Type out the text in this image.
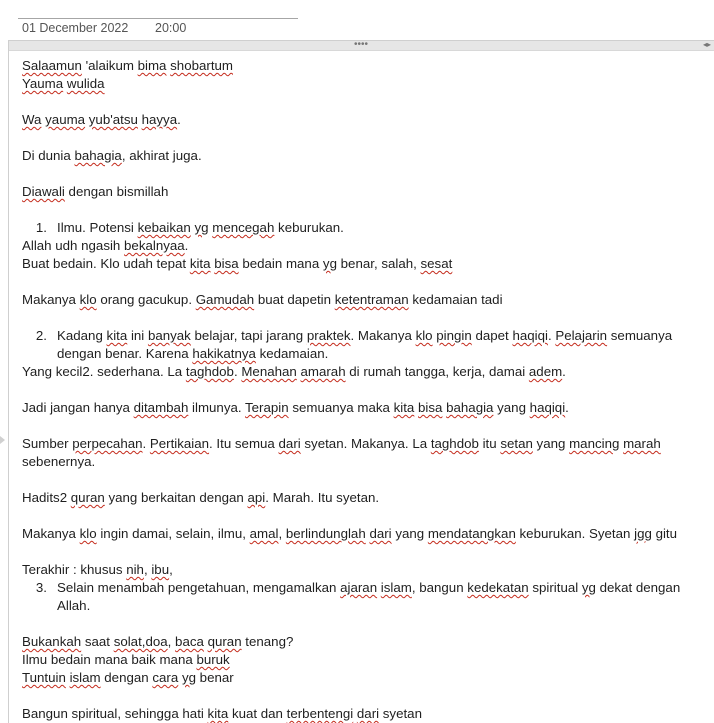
01 December 2022 20:00
••••	◂▸
Salaamun 'alaikum bima shobartum
Yauma wulida
Wa yauma yub'atsu hayya.
Di dunia bahagia, akhirat juga.
Diawali dengan bismillah
1. Ilmu. Potensi kebaikan yg mencegah keburukan.
Allah udh ngasih bekalnyaa.
Buat bedain. Klo udah tepat kita bisa bedain mana yg benar, salah, sesat
Makanya klo orang gacukup. Gamudah buat dapetin ketentraman kedamaian tadi
2. Kadang kita ini banyak belajar, tapi jarang praktek. Makanya klo pingin dapet haqiqi. Pelajarin semuanya dengan benar. Karena hakikatnya kedamaian.
Yang kecil2. sederhana. La taghdob. Menahan amarah di rumah tangga, kerja, damai adem.
Jadi jangan hanya ditambah ilmunya. Terapin semuanya maka kita bisa bahagia yang haqiqi.
Sumber perpecahan. Pertikaian. Itu semua dari syetan. Makanya. La taghdob itu setan yang mancing marah
sebenernya.
Hadits2 quran yang berkaitan dengan api. Marah. Itu syetan.
Makanya klo ingin damai, selain, ilmu, amal, berlindunglah dari yang mendatangkan keburukan. Syetan jgg gitu
Terakhir : khusus nih, ibu,
3. Selain menambah pengetahuan, mengamalkan ajaran islam, bangun kedekatan spiritual yg dekat dengan Allah.
Bukankah saat solat,doa, baca quran tenang?
Ilmu bedain mana baik mana buruk
Tuntuin islam dengan cara yg benar
Bangun spiritual, sehingga hati kita kuat dan terbentengi dari syetan
